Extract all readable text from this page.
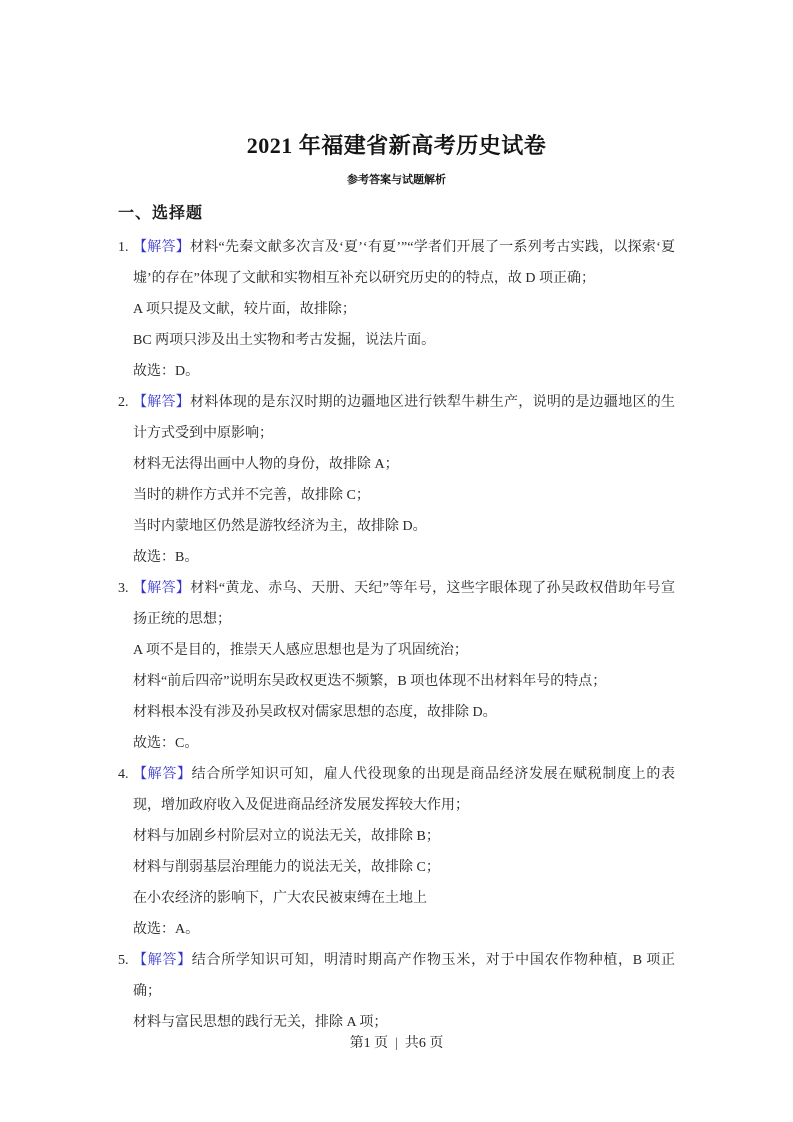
2021 年福建省新高考历史试卷
参考答案与试题解析
一、选择题
1. 【解答】材料“先秦文献多次言及‘夏’‘有夏’”“学者们开展了一系列考古实践，以探索‘夏墟’的存在”体现了文献和实物相互补充以研究历史的的特点，故 D 项正确；

A 项只提及文献，较片面，故排除；

BC 两项只涉及出土实物和考古发掘，说法片面。

故选：D。

2. 【解答】材料体现的是东汉时期的边疆地区进行铁犁牛耕生产，说明的是边疆地区的生计方式受到中原影响；

材料无法得出画中人物的身份，故排除 A；

当时的耕作方式并不完善，故排除 C；

当时内蒙地区仍然是游牧经济为主，故排除 D。

故选：B。

3. 【解答】材料“黄龙、赤乌、天册、天纪”等年号，这些字眼体现了孙吴政权借助年号宣扬正统的思想；

A 项不是目的，推崇天人感应思想也是为了巩固统治；

材料“前后四帝”说明东吴政权更迭不频繁，B 项也体现不出材料年号的特点；

材料根本没有涉及孙吴政权对儒家思想的态度，故排除 D。

故选：C。

4. 【解答】结合所学知识可知，雇人代役现象的出现是商品经济发展在赋税制度上的表现，增加政府收入及促进商品经济发展发挥较大作用；

材料与加剧乡村阶层对立的说法无关，故排除 B；

材料与削弱基层治理能力的说法无关，故排除 C；

在小农经济的影响下，广大农民被束缚在土地上

故选：A。

5. 【解答】结合所学知识可知，明清时期高产作物玉米，对于中国农作物种植，B 项正确；

材料与富民思想的践行无关，排除 A 项；

第1 页 | 共6 页
